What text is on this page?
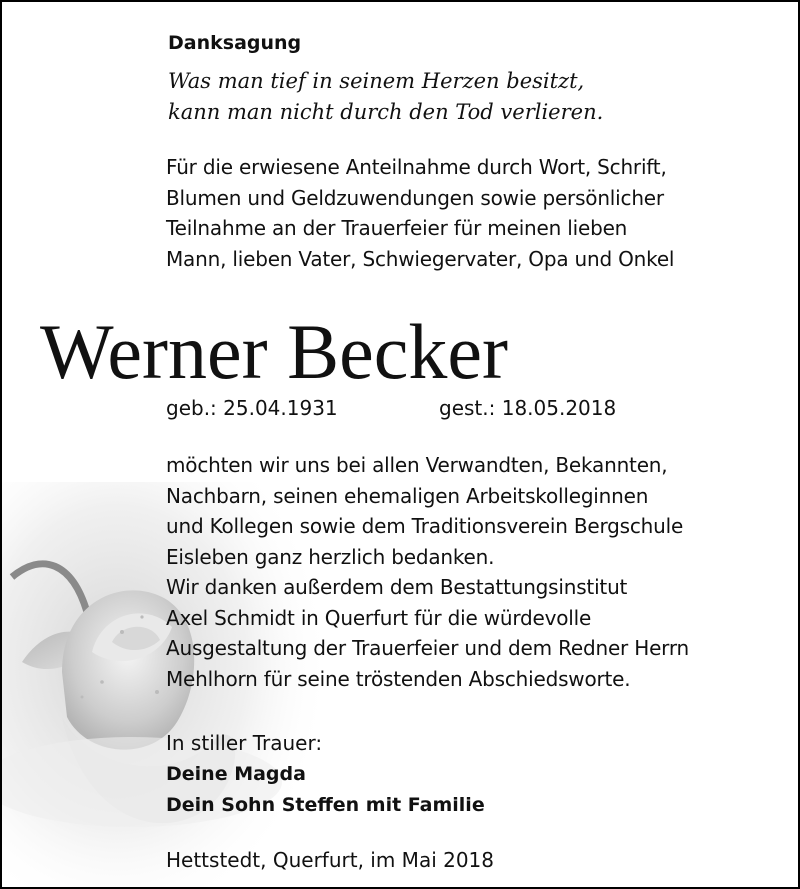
Danksagung
Was man tief in seinem Herzen besitzt,
kann man nicht durch den Tod verlieren.
Für die erwiesene Anteilnahme durch Wort, Schrift,
Blumen und Geldzuwendungen sowie persönlicher
Teilnahme an der Trauerfeier für meinen lieben
Mann, lieben Vater, Schwiegervater, Opa und Onkel
Werner Becker
geb.: 25.04.1931	gest.: 18.05.2018
möchten wir uns bei allen Verwandten, Bekannten,
Nachbarn, seinen ehemaligen Arbeitskolleginnen
und Kollegen sowie dem Traditionsverein Bergschule
Eisleben ganz herzlich bedanken.
Wir danken außerdem dem Bestattungsinstitut
Axel Schmidt in Querfurt für die würdevolle
Ausgestaltung der Trauerfeier und dem Redner Herrn
Mehlhorn für seine tröstenden Abschiedsworte.
In stiller Trauer:
Deine Magda
Dein Sohn Steffen mit Familie
Hettstedt, Querfurt, im Mai 2018
